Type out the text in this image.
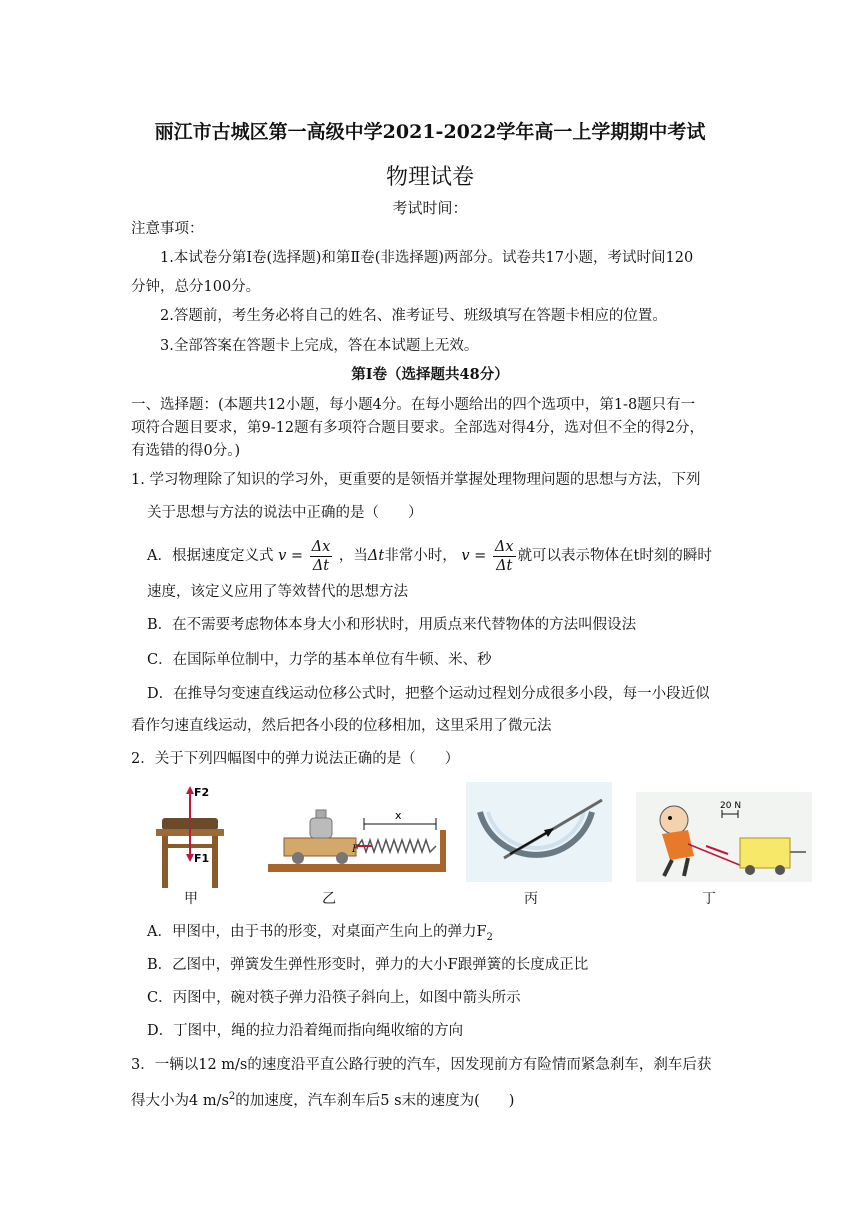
丽江市古城区第一高级中学2021-2022学年高一上学期期中考试
物理试卷
考试时间：
注意事项：
1.本试卷分第Ⅰ卷(选择题)和第Ⅱ卷(非选择题)两部分。试卷共17小题，考试时间120
分钟，总分100分。
2.答题前，考生务必将自己的姓名、准考证号、班级填写在答题卡相应的位置。
3.全部答案在答题卡上完成，答在本试题上无效。
第Ⅰ卷（选择题共48分）
一、选择题：(本题共12小题，每小题4分。在每小题给出的四个选项中，第1-8题只有一
项符合题目要求，第9-12题有多项符合题目要求。全部选对得4分，选对但不全的得2分，
有选错的得0分。)
1. 学习物理除了知识的学习外，更重要的是领悟并掌握处理物理问题的思想与方法，下列
关于思想与方法的说法中正确的是（　　）
A．根据速度定义式 $v = \frac{\Delta x}{\Delta t}$ ，当Δt非常小时， $v = \frac{\Delta x}{\Delta t}$ 就可以表示物体在t时刻的瞬时
速度，该定义应用了等效替代的思想方法
B．在不需要考虑物体本身大小和形状时，用质点来代替物体的方法叫假设法
C．在国际单位制中，力学的基本单位有牛顿、米、秒
D．在推导匀变速直线运动位移公式时，把整个运动过程划分成很多小段，每一小段近似
看作匀速直线运动，然后把各小段的位移相加，这里采用了微元法
2．关于下列四幅图中的弹力说法正确的是（　　）
F2
F1
F
x
20 N
甲	乙	丙	丁
A．甲图中，由于书的形变，对桌面产生向上的弹力$F_2$
B．乙图中，弹簧发生弹性形变时，弹力的大小F跟弹簧的长度成正比
C．丙图中，碗对筷子弹力沿筷子斜向上，如图中箭头所示
D．丁图中，绳的拉力沿着绳而指向绳收缩的方向
3．一辆以12 m/s的速度沿平直公路行驶的汽车，因发现前方有险情而紧急刹车，刹车后获
得大小为4 $m/s^2$的加速度，汽车刹车后5 s末的速度为(　　)
